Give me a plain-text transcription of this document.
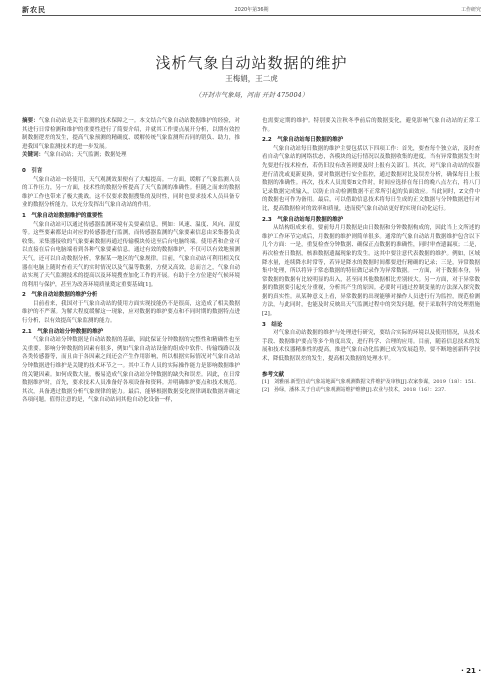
新农民	2020年第36期	工作研究
浅析气象自动站数据的维护
王梅娟，王二虎
（开封市气象局，河南 开封 475004）

摘要：气象自动站是关于监测的技术保障之一。本文结合气象自动站数据维护的经验，对其进行日常检测和维护的重要性进行了简要介绍，并就其工作要点展开分析，以期有效控制数据逻差的发生，提高气象预测的精确度、缓解传统气象监测所否同的错负、助力，推进我国气象监测技术的进一步发展。

关键词：气象自动站；天气监测；数据处理

0　引言

气象自动站一经使用，天气观测效果便有了大幅提高。一方面，缓解了气象监测人员的工作压力，另一方面，技术性的数据分析提高了天气监测的准确性。但随之而来的数据维护工作也带来了极大挑战。这不仅要求数据搜集的及时性，同时也要求技术人员具备专业的数据分析能力，以充分发挥出气象自动站的作用。

1　气象自动站数据维护的重要性

气象自动站可以通过传感器监测环境有关要素信息，例如：风速、温度、风向、湿度等。这些要素都是由对应的传感器进行监测，而传感器监测的气象要素信息由采集器负责收集。采集器接收的气象要素数据再通过传输模块传送至后台电脑终端。使用者和企业可以直接在后台电脑端看到各种气象要素信息。通过有效的数据维护，不仅可以有效地预测天气，还可以自动数据分析，掌握某一地区的气象规律。目前，气象自动站可利用相关仪器在电脑上随时查看天气的实时情况以及气温等数据，方便又高效。总而言之，气象自动站实现了天气监测技术的提高以及环境搜查加化工作的开展。有助于全方位建好气候环境的利用与保护，甚至为改善环境质量奠定重要基础[1]。

2　气象自动站数据的维护分析

目前看来，我国对于气象自动站的使用方面实现技能仍不是很高，这造成了相关数据维护的不严谨。为解大程度缓解这一现象，应对数据的维护要点和不同时期的数据特点进行分析，以有效提高气象监测的能力。

2.1　气象自动站分钟数据的维护

气象自动站分钟数据是自动站数据的基础，因此保证分钟数据的完整性和精确性也至关重要。影响分钟数据的因素有很多，例如气象自动站设备的组成中软件、传输线路以及各类传感器等，而且由于各因素之间还会产生作用影响，所以根据实际情况对气象自动站分钟数据进行维护是关键的技术环节之一。其中工作人员的实际操作能力是影响数据维护的关键因素。如何成数大量，极易造成气象自动站分钟数据的缺失和误差。因此，在日常数据维护时，首先，要求技术人员准备好各项设备和资料。并明确维护要点和技术规范。其次，具备透过数据分析气象规律的能力。最后，能够根据数据变化规律调取数据并确定各项问题。值得注意的是，气象自动站同其他自动化设备一样，

也需要定期的维护。特别要关注秋冬季前后的数据变化，避免影响气象自动站的正常工作。

2.2　气象自动站每日数据的维护

气象自动站每日数据的维护主要包括以下四项工作：首先，要查每个独立站，及时查看自动气象站的网络状态，各模块的运行情况以及数据收集的进度。当有异常数据发生时先要进行技术检查，若仍旧没有改善则要及时上报有关部门。其次，对气象自动站的仪器进行清洗或更新更换，要对数据进行安全监控，通过数据对比及误差分析，确保每日上报数据的准确性。再次，技术人员需要B文件时，时间应选择在每日的晚八点左右，将八门记录数据完成输入，以防止自动检测数据不正常所引起的负面效应。当此同时，Z文件中的数据也可作为备用。最后，可以借助信息技术将每日生成的正文数据与分钟数据进行对比，提高数据检对的效率和质量，进而使气象自动站更好的实现自动化运行。

2.3　气象自动站每月数据的维护

从结构组成来看，要前每月月数据是由日数据和分钟数据构成的，因此当上文所述的维护工作环节完成后，月数据的维护则简单很多。通常的气象自动站月数据维护包含以下几个方面：一是，重复检查分钟数据、确保正点数据的准确性，同时审查遗漏项；二是，再次检查日数据，核准数据遗漏现象的发生。这其中要注意代表数据的维护。例如，区域降水量，连续降水时常等，若异是降水的数据时间都要进行精确的记录；三是，异常数据集中处理，所以将异于常态数据的特征做记录作为异常数据。一方面，对于数据本身，异常数据的数据有比较明显的出入，甚至同其他数据相比差别较大。另一方面，对于异常数据的数据要引起充分重视，分析其产生的原因。必要时可通过控制变量的方法深入探究数据的真实性。从某种意义上看，异常数据的出现能够对操作人员进行行为监控，规范检测方法，与此同时，也能及时反映出天气监测过程中的突发问题，便于采取科学的处理措施[2]。

3　结论

对气象自动站数据的维护与处理进行研究，要结合实际的环境以及使用情况，从技术手段、数据维护要点等多个角度出发，进行科学、合理的应用。目前，随着信息技术的发展和技术仪器精准性的提高，推进气象自动化监测已成为发展趋势，要不断地创新科学技术，降低数据误差的发生，提高相关数据的处理水平。

参考文献

[1]　刘雅丽.新型自动气象站地面气象观测数据文件维护及审核[J].农家参谋，2019（18）：151.

[2]　孙绿，潘林.关于自动气象观测站维护维修[J].农业与技术，2018（16）：237.

· 21 ·
